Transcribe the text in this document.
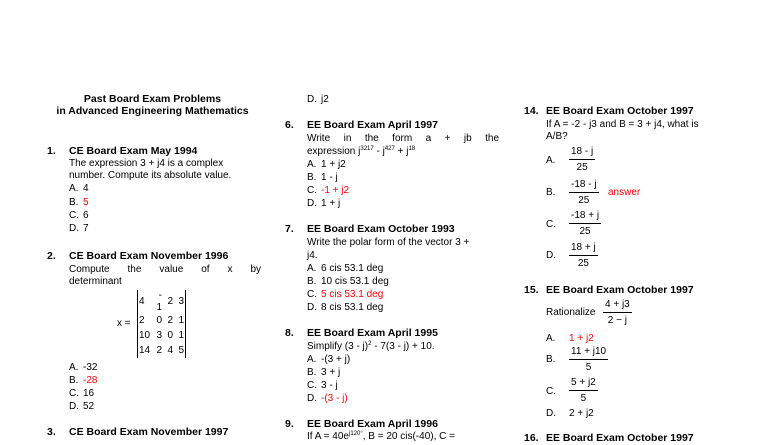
Past Board Exam Problems
in Advanced Engineering Mathematics
1. CE Board Exam May 1994
The expression 3 + j4 is a complex
number. Compute its absolute value.
A. 4
B. 5
C. 6
D. 7
2. CE Board Exam November 1996
Compute the value of x by
determinant
x =
4	- 1	2	3
2	0	2	1
10	3	0	1
14	2	4	5
A. -32
B. -28
C. 16
D. 52
3. CE Board Exam November 1997
D. j2
6. EE Board Exam April 1997
Write in the form a + jb the
expression $j^{3217} - j^{427} + j^{18}$
A. 1 + j2
B. 1 - j
C. -1 + j2
D. 1 + j
7. EE Board Exam October 1993
Write the polar form of the vector 3 +
j4.
A. 6 cis 53.1 deg
B. 10 cis 53.1 deg
C. 5 cis 53.1 deg
D. 8 cis 53.1 deg
8. EE Board Exam April 1995
Simplify (3 - j)$^2$ - 7(3 - j) + 10.
A. -(3 + j)
B. 3 + j
C. 3 - j
D. -(3 - j)
9. EE Board Exam April 1996
If $A = 40e^{j120^\circ}$, B = 20 cis(-40), C =
14. EE Board Exam October 1997
If A = -2 - j3 and B = 3 + j4, what is
A/B?
A. $\frac{18 - j}{25}$
B. $\frac{-18 - j}{25}$ answer
C. $\frac{-18 + j}{25}$
D. $\frac{18 + j}{25}$
15. EE Board Exam October 1997
Rationalize $\frac{4 + j3}{2 - j}$
A. 1 + j2
B. $\frac{11 + j10}{5}$
C. $\frac{5 + j2}{5}$
D. 2 + j2
16. EE Board Exam October 1997
